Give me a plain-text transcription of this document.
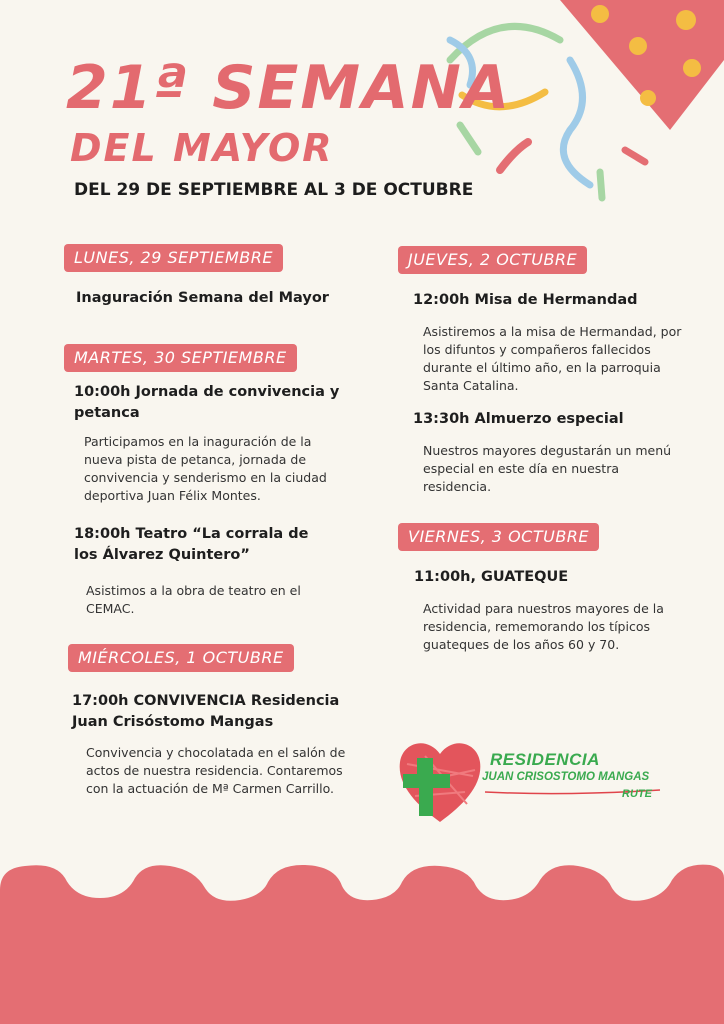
21ª SEMANA
DEL MAYOR
DEL 29 DE SEPTIEMBRE AL 3 DE OCTUBRE
LUNES, 29 SEPTIEMBRE
Inaguración Semana del Mayor
MARTES, 30 SEPTIEMBRE
10:00h Jornada de convivencia y petanca
Participamos en la inaguración de la nueva pista de petanca, jornada de convivencia y senderismo en la ciudad deportiva Juan Félix Montes.
18:00h Teatro “La corrala de los Álvarez Quintero”
Asistimos a la obra de teatro en el CEMAC.
MIÉRCOLES, 1 OCTUBRE
17:00h CONVIVENCIA Residencia Juan Crisóstomo Mangas
Convivencia y chocolatada en el salón de actos de nuestra residencia. Contaremos con la actuación de Mª Carmen Carrillo.
JUEVES, 2 OCTUBRE
12:00h Misa de Hermandad
Asistiremos a la misa de Hermandad, por los difuntos y compañeros fallecidos durante el último año, en la parroquia Santa Catalina.
13:30h Almuerzo especial
Nuestros mayores degustarán un menú especial en este día en nuestra residencia.
VIERNES, 3 OCTUBRE
11:00h, GUATEQUE
Actividad para nuestros mayores de la residencia, rememorando los típicos guateques de los años 60 y 70.
RESIDENCIA
JUAN CRISOSTOMO MANGAS
RUTE
